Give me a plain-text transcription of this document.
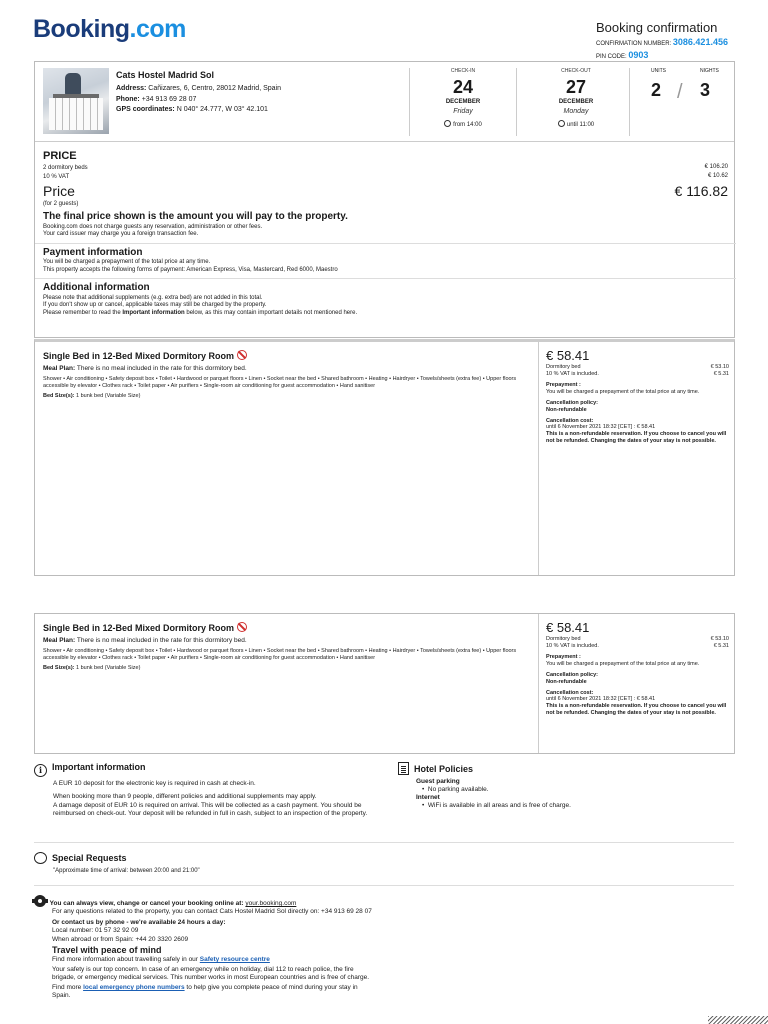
Booking.com	Booking confirmation
CONFIRMATION NUMBER: 3086.421.456
PIN CODE: 0903
Cats Hostel Madrid Sol
Address: Cañizares, 6, Centro, 28012 Madrid, Spain
Phone: +34 913 69 28 07
GPS coordinates: N 040° 24.777, W 03° 42.101
CHECK-IN
24
DECEMBER
Friday
from 14:00
CHECK-OUT
27
DECEMBER
Monday
until 11:00
UNITS
2 /
NIGHTS
3
PRICE
2 dormitory beds	€ 106.20
10 % VAT	€ 10.62
Price	€ 116.82
(for 2 guests)
The final price shown is the amount you will pay to the property.
Booking.com does not charge guests any reservation, administration or other fees.
Your card issuer may charge you a foreign transaction fee.
Payment information
You will be charged a prepayment of the total price at any time.
This property accepts the following forms of payment: American Express, Visa, Mastercard, Red 6000, Maestro
Additional information
Please note that additional supplements (e.g. extra bed) are not added in this total.
If you don't show up or cancel, applicable taxes may still be charged by the property.
Please remember to read the Important information below, as this may contain important details not mentioned here.
Single Bed in 12-Bed Mixed Dormitory Room
Meal Plan: There is no meal included in the rate for this dormitory bed.
Shower • Air conditioning • Safety deposit box • Toilet • Hardwood or parquet floors • Linen • Socket near the bed • Shared bathroom • Heating • Hairdryer • Towels/sheets (extra fee) • Upper floors accessible by elevator • Clothes rack • Toilet paper • Air purifiers • Single-room air conditioning for guest accommodation • Hand sanitiser
Bed Size(s): 1 bunk bed (Variable Size)
€ 58.41
Dormitory bed	€ 53.10
10 % VAT is included.	€ 5.31

Prepayment :
You will be charged a prepayment of the total price at any time.

Cancellation policy:
Non-refundable

Cancellation cost:
until 6 November 2021 18:32 [CET] : € 58.41
This is a non-refundable reservation. If you choose to cancel you will not be refunded. Changing the dates of your stay is not possible.

Single Bed in 12-Bed Mixed Dormitory Room
Meal Plan: There is no meal included in the rate for this dormitory bed.
Shower • Air conditioning • Safety deposit box • Toilet • Hardwood or parquet floors • Linen • Socket near the bed • Shared bathroom • Heating • Hairdryer • Towels/sheets (extra fee) • Upper floors accessible by elevator • Clothes rack • Toilet paper • Air purifiers • Single-room air conditioning for guest accommodation • Hand sanitiser
Bed Size(s): 1 bunk bed (Variable Size)
€ 58.41
Dormitory bed	€ 53.10
10 % VAT is included.	€ 5.31

Prepayment :
You will be charged a prepayment of the total price at any time.

Cancellation policy:
Non-refundable

Cancellation cost:
until 6 November 2021 18:32 [CET] : € 58.41
This is a non-refundable reservation. If you choose to cancel you will not be refunded. Changing the dates of your stay is not possible.

i Important information
A EUR 10 deposit for the electronic key is required in cash at check-in.

When booking more than 9 people, different policies and additional supplements may apply.

A damage deposit of EUR 10 is required on arrival. This will be collected as a cash payment. You should be reimbursed on check-out. Your deposit will be refunded in full in cash, subject to an inspection of the property.

Hotel Policies
Guest parking
•  No parking available.
Internet
•  WiFi is available in all areas and is free of charge.
Special Requests
"Approximate time of arrival: between 20:00 and 21:00"
You can always view, change or cancel your booking online at: your.booking.com
For any questions related to the property, you can contact Cats Hostel Madrid Sol directly on: +34 913 69 28 07

Or contact us by phone - we're available 24 hours a day:

Local number: 01 57 32 92 09
When abroad or from Spain: +44 20 3320 2609
Travel with peace of mind
Find more information about travelling safely in our Safety resource centre

Your safety is our top concern. In case of an emergency while on holiday, dial 112 to reach police, the fire brigade, or emergency medical services. This number works in most European countries and is free of charge.

Find more local emergency phone numbers to help give you complete peace of mind during your stay in Spain.
